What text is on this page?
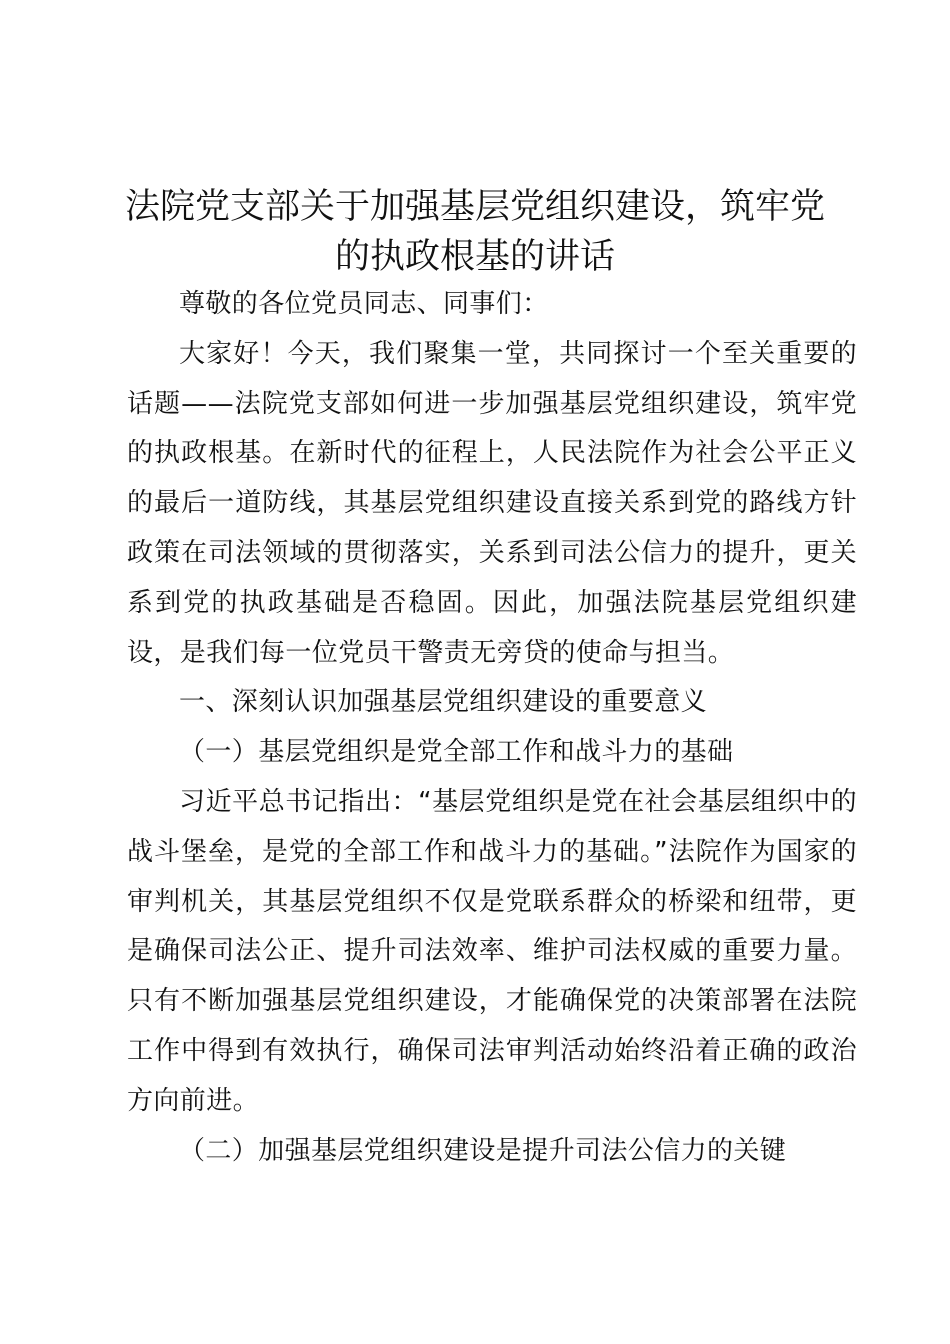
法院党支部关于加强基层党组织建设，筑牢党的执政根基的讲话

尊敬的各位党员同志、同事们：

大家好！今天，我们聚集一堂，共同探讨一个至关重要的话题——法院党支部如何进一步加强基层党组织建设，筑牢党的执政根基。在新时代的征程上，人民法院作为社会公平正义的最后一道防线，其基层党组织建设直接关系到党的路线方针政策在司法领域的贯彻落实，关系到司法公信力的提升，更关系到党的执政基础是否稳固。因此，加强法院基层党组织建设，是我们每一位党员干警责无旁贷的使命与担当。

一、深刻认识加强基层党组织建设的重要意义

（一）基层党组织是党全部工作和战斗力的基础

习近平总书记指出：“基层党组织是党在社会基层组织中的战斗堡垒，是党的全部工作和战斗力的基础。”法院作为国家的审判机关，其基层党组织不仅是党联系群众的桥梁和纽带，更是确保司法公正、提升司法效率、维护司法权威的重要力量。只有不断加强基层党组织建设，才能确保党的决策部署在法院工作中得到有效执行，确保司法审判活动始终沿着正确的政治方向前进。

（二）加强基层党组织建设是提升司法公信力的关键
